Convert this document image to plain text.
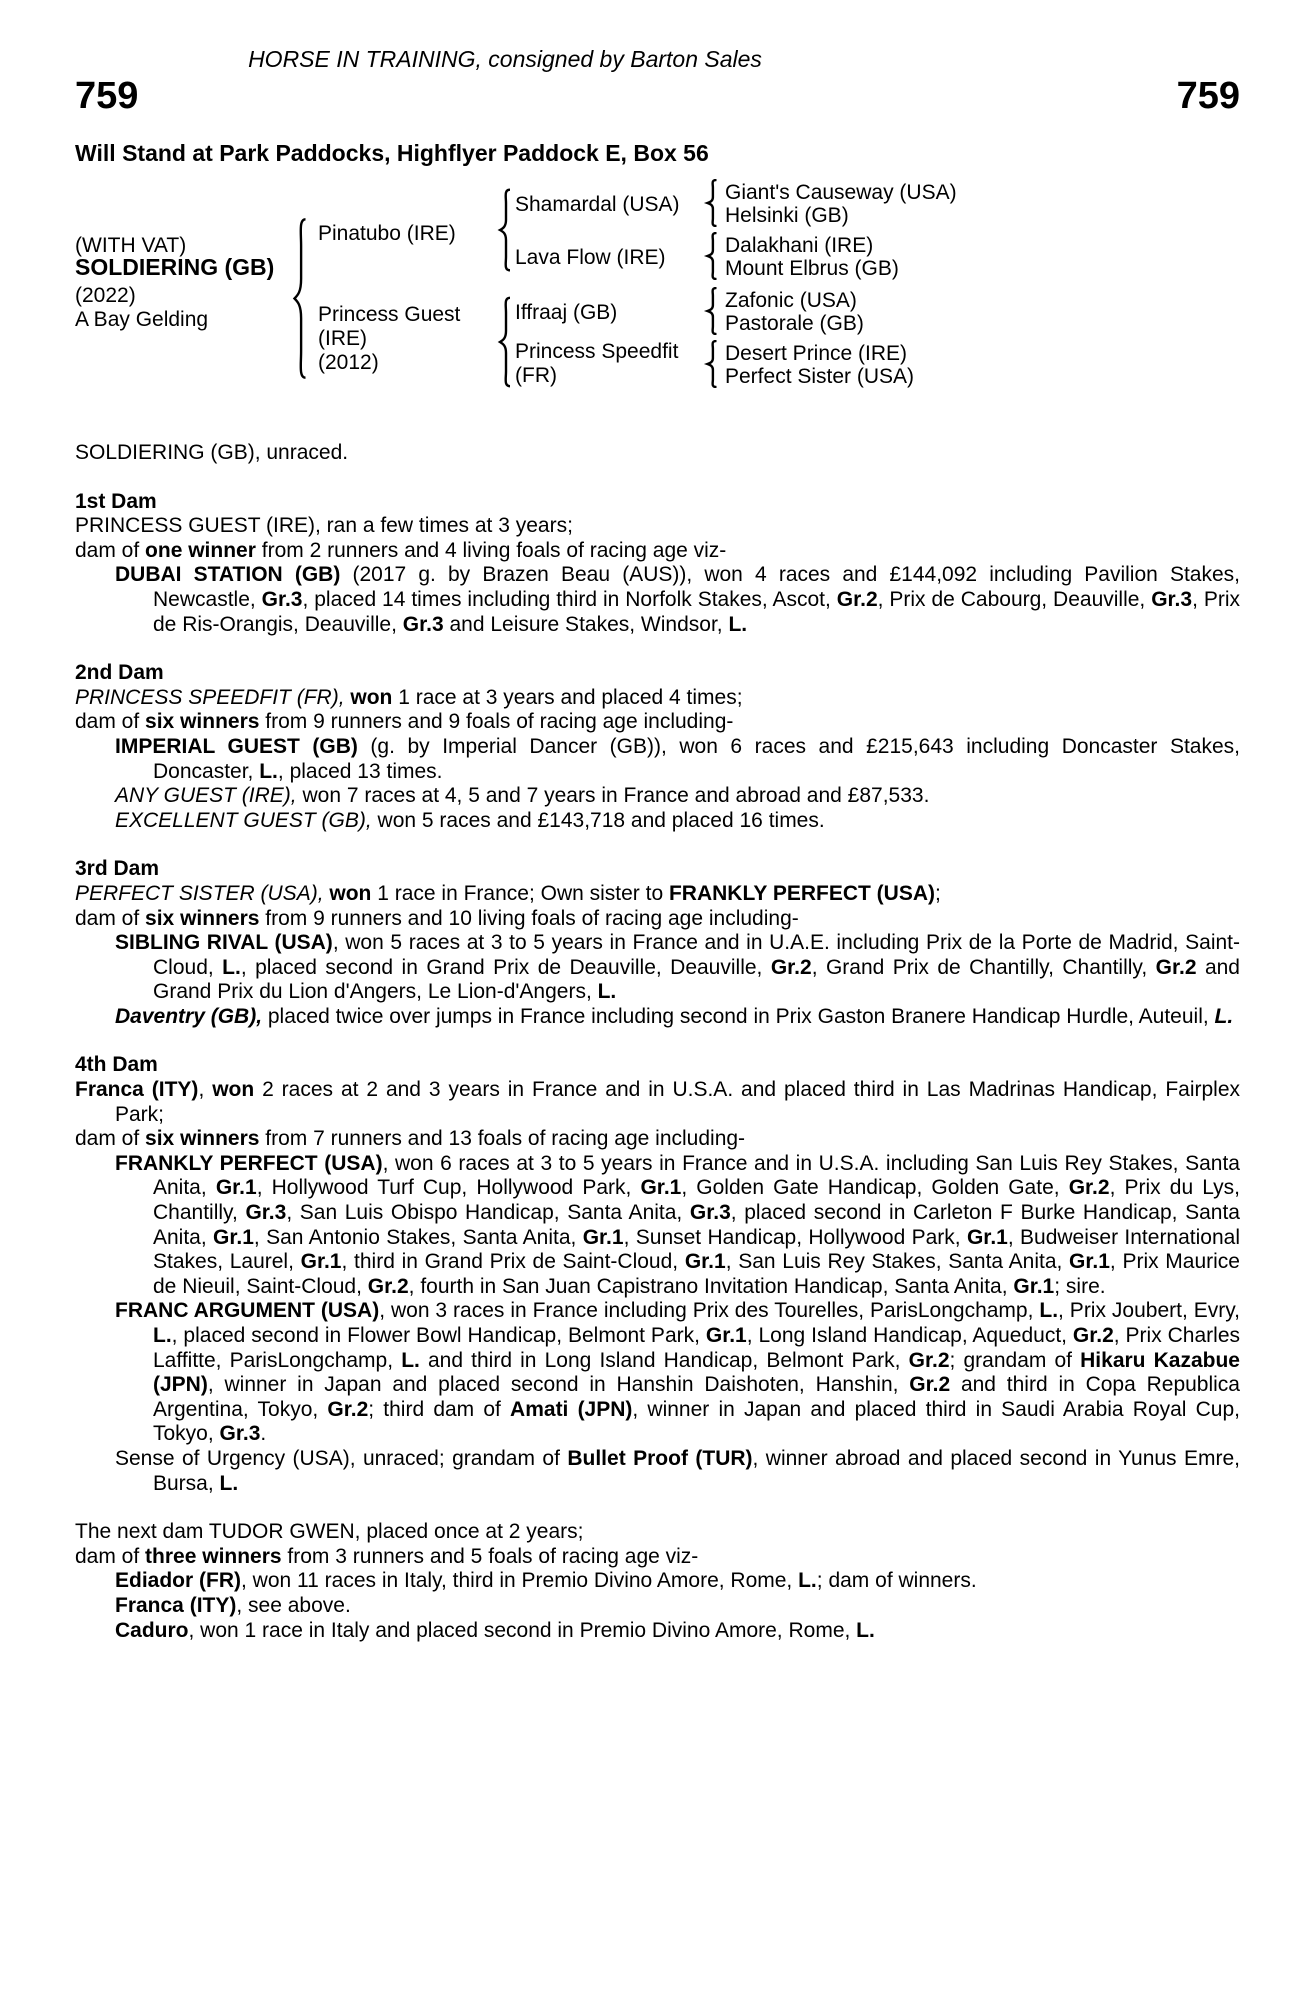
HORSE IN TRAINING, consigned by Barton Sales
759	759
Will Stand at Park Paddocks, Highflyer Paddock E, Box 56
(WITH VAT)
SOLDIERING (GB)
(2022)
A Bay Gelding
Pinatubo (IRE)
Princess Guest
(IRE)
(2012)
Shamardal (USA)
Lava Flow (IRE)
Iffraaj (GB)
Princess Speedfit
(FR)
Giant's Causeway (USA)
Helsinki (GB)
Dalakhani (IRE)
Mount Elbrus (GB)
Zafonic (USA)
Pastorale (GB)
Desert Prince (IRE)
Perfect Sister (USA)

SOLDIERING (GB), unraced.

1st Dam

PRINCESS GUEST (IRE), ran a few times at 3 years;

dam of one winner from 2 runners and 4 living foals of racing age viz-

DUBAI STATION (GB) (2017 g. by Brazen Beau (AUS)), won 4 races and £144,092 including Pavilion Stakes, Newcastle, Gr.3, placed 14 times including third in Norfolk Stakes, Ascot, Gr.2, Prix de Cabourg, Deauville, Gr.3, Prix de Ris-Orangis, Deauville, Gr.3 and Leisure Stakes, Windsor, L.

2nd Dam

PRINCESS SPEEDFIT (FR), won 1 race at 3 years and placed 4 times;

dam of six winners from 9 runners and 9 foals of racing age including-

IMPERIAL GUEST (GB) (g. by Imperial Dancer (GB)), won 6 races and £215,643 including Doncaster Stakes, Doncaster, L., placed 13 times.

ANY GUEST (IRE), won 7 races at 4, 5 and 7 years in France and abroad and £87,533.

EXCELLENT GUEST (GB), won 5 races and £143,718 and placed 16 times.

3rd Dam

PERFECT SISTER (USA), won 1 race in France; Own sister to FRANKLY PERFECT (USA);

dam of six winners from 9 runners and 10 living foals of racing age including-

SIBLING RIVAL (USA), won 5 races at 3 to 5 years in France and in U.A.E. including Prix de la Porte de Madrid, Saint-Cloud, L., placed second in Grand Prix de Deauville, Deauville, Gr.2, Grand Prix de Chantilly, Chantilly, Gr.2 and Grand Prix du Lion d'Angers, Le Lion-d'Angers, L.

Daventry (GB), placed twice over jumps in France including second in Prix Gaston Branere Handicap Hurdle, Auteuil, L.

4th Dam

Franca (ITY), won 2 races at 2 and 3 years in France and in U.S.A. and placed third in Las Madrinas Handicap, Fairplex Park;

dam of six winners from 7 runners and 13 foals of racing age including-

FRANKLY PERFECT (USA), won 6 races at 3 to 5 years in France and in U.S.A. including San Luis Rey Stakes, Santa Anita, Gr.1, Hollywood Turf Cup, Hollywood Park, Gr.1, Golden Gate Handicap, Golden Gate, Gr.2, Prix du Lys, Chantilly, Gr.3, San Luis Obispo Handicap, Santa Anita, Gr.3, placed second in Carleton F Burke Handicap, Santa Anita, Gr.1, San Antonio Stakes, Santa Anita, Gr.1, Sunset Handicap, Hollywood Park, Gr.1, Budweiser International Stakes, Laurel, Gr.1, third in Grand Prix de Saint-Cloud, Gr.1, San Luis Rey Stakes, Santa Anita, Gr.1, Prix Maurice de Nieuil, Saint-Cloud, Gr.2, fourth in San Juan Capistrano Invitation Handicap, Santa Anita, Gr.1; sire.

FRANC ARGUMENT (USA), won 3 races in France including Prix des Tourelles, ParisLongchamp, L., Prix Joubert, Evry, L., placed second in Flower Bowl Handicap, Belmont Park, Gr.1, Long Island Handicap, Aqueduct, Gr.2, Prix Charles Laffitte, ParisLongchamp, L. and third in Long Island Handicap, Belmont Park, Gr.2; grandam of Hikaru Kazabue (JPN), winner in Japan and placed second in Hanshin Daishoten, Hanshin, Gr.2 and third in Copa Republica Argentina, Tokyo, Gr.2; third dam of Amati (JPN), winner in Japan and placed third in Saudi Arabia Royal Cup, Tokyo, Gr.3.

Sense of Urgency (USA), unraced; grandam of Bullet Proof (TUR), winner abroad and placed second in Yunus Emre, Bursa, L.

The next dam TUDOR GWEN, placed once at 2 years;

dam of three winners from 3 runners and 5 foals of racing age viz-

Ediador (FR), won 11 races in Italy, third in Premio Divino Amore, Rome, L.; dam of winners.

Franca (ITY), see above.

Caduro, won 1 race in Italy and placed second in Premio Divino Amore, Rome, L.
